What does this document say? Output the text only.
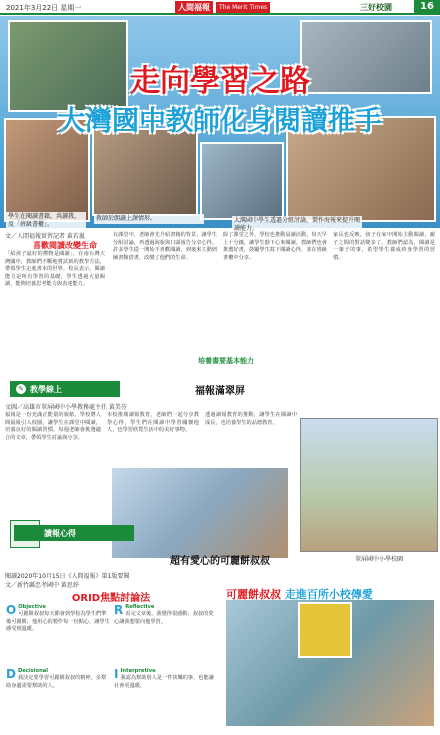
2021年3月22日 星期一	人間福報	The Merit Times	三好校園	16
走向學習之路
大灣國中教師化身閱讀推手
學生在閱讀書籍，共讀我，及「班級書櫃」。
教師於朗讀上課情形。	大灣國中學生透過分組討論，製作海報來提升閱讀能力。
文／人間福報實習記者 黃若嵐
喜歡閱讀改變生命
「給孩子最好的禮物是閱讀」，在南台灣大灣國中，教師們不斷地嘗試新的教學方法，帶領學生走進書本的世界。校長表示，閱讀能力是所有學習的基礎，學生透過大量閱讀，能夠培養思考能力與表達能力。
在課堂中，老師會先介紹書籍的背景，讓學生分組討論，再透過海報與口頭報告分享心得。許多學生從一開始不喜歡閱讀，到後來主動到圖書館借書，改變了他們的生命。
除了課堂之外，學校也推動晨讀活動，每天早上十分鐘，讓學生靜下心來閱讀。教師們也會推薦好書，鼓勵學生寫下閱讀心得，並在班級書櫃中分享。
家長也反映，孩子在家中開始主動閱讀，親子之間的對話變多了。教師們認為，閱讀是一輩子的事，希望學生養成終身學習的習慣。
培養書要基本能力
✎ 教學線上	福報滿翠屏
文圖／高雄市翠屏國中小學教務處主任 黃美芬
福報是一份充滿正能量的報紙，學校將人間福報引入校園，讓學生在課堂中閱讀，培養良好的閱讀習慣。每週老師會挑選適合的文章，帶領學生討論與分享。
本校推廣讀報教育，老師們一起分享教學心得，學生們在閱讀中學習關懷他人，也學習欣賞生活中的美好事物。
透過讀報教育的推動，讓學生在閱讀中成長，也培養學生的品德教育。
翠屏國中小學校園
讀報心得
超有愛心的可麗餅叔叔
閱讀2020年10月15日《人間福報》第1版要聞
文／新竹縣忠孝國中 黃思妤
ORID焦點討論法
O Objective
可麗餅叔叔每天都會到學校為學生們準備可麗餅，他用心的製作每一份點心，讓學生感受到溫暖。
R Reflective
看完文章後，我覺得很感動，叔叔的愛心讓我想要向他學習。
D Decisional
我決定要學習可麗餅叔叔的精神，多幫助身邊需要幫助的人。
I Interpretive
我認為幫助別人是一件快樂的事，也能讓社會更溫暖。
可麗餅叔叔 走進百所小校傳愛
